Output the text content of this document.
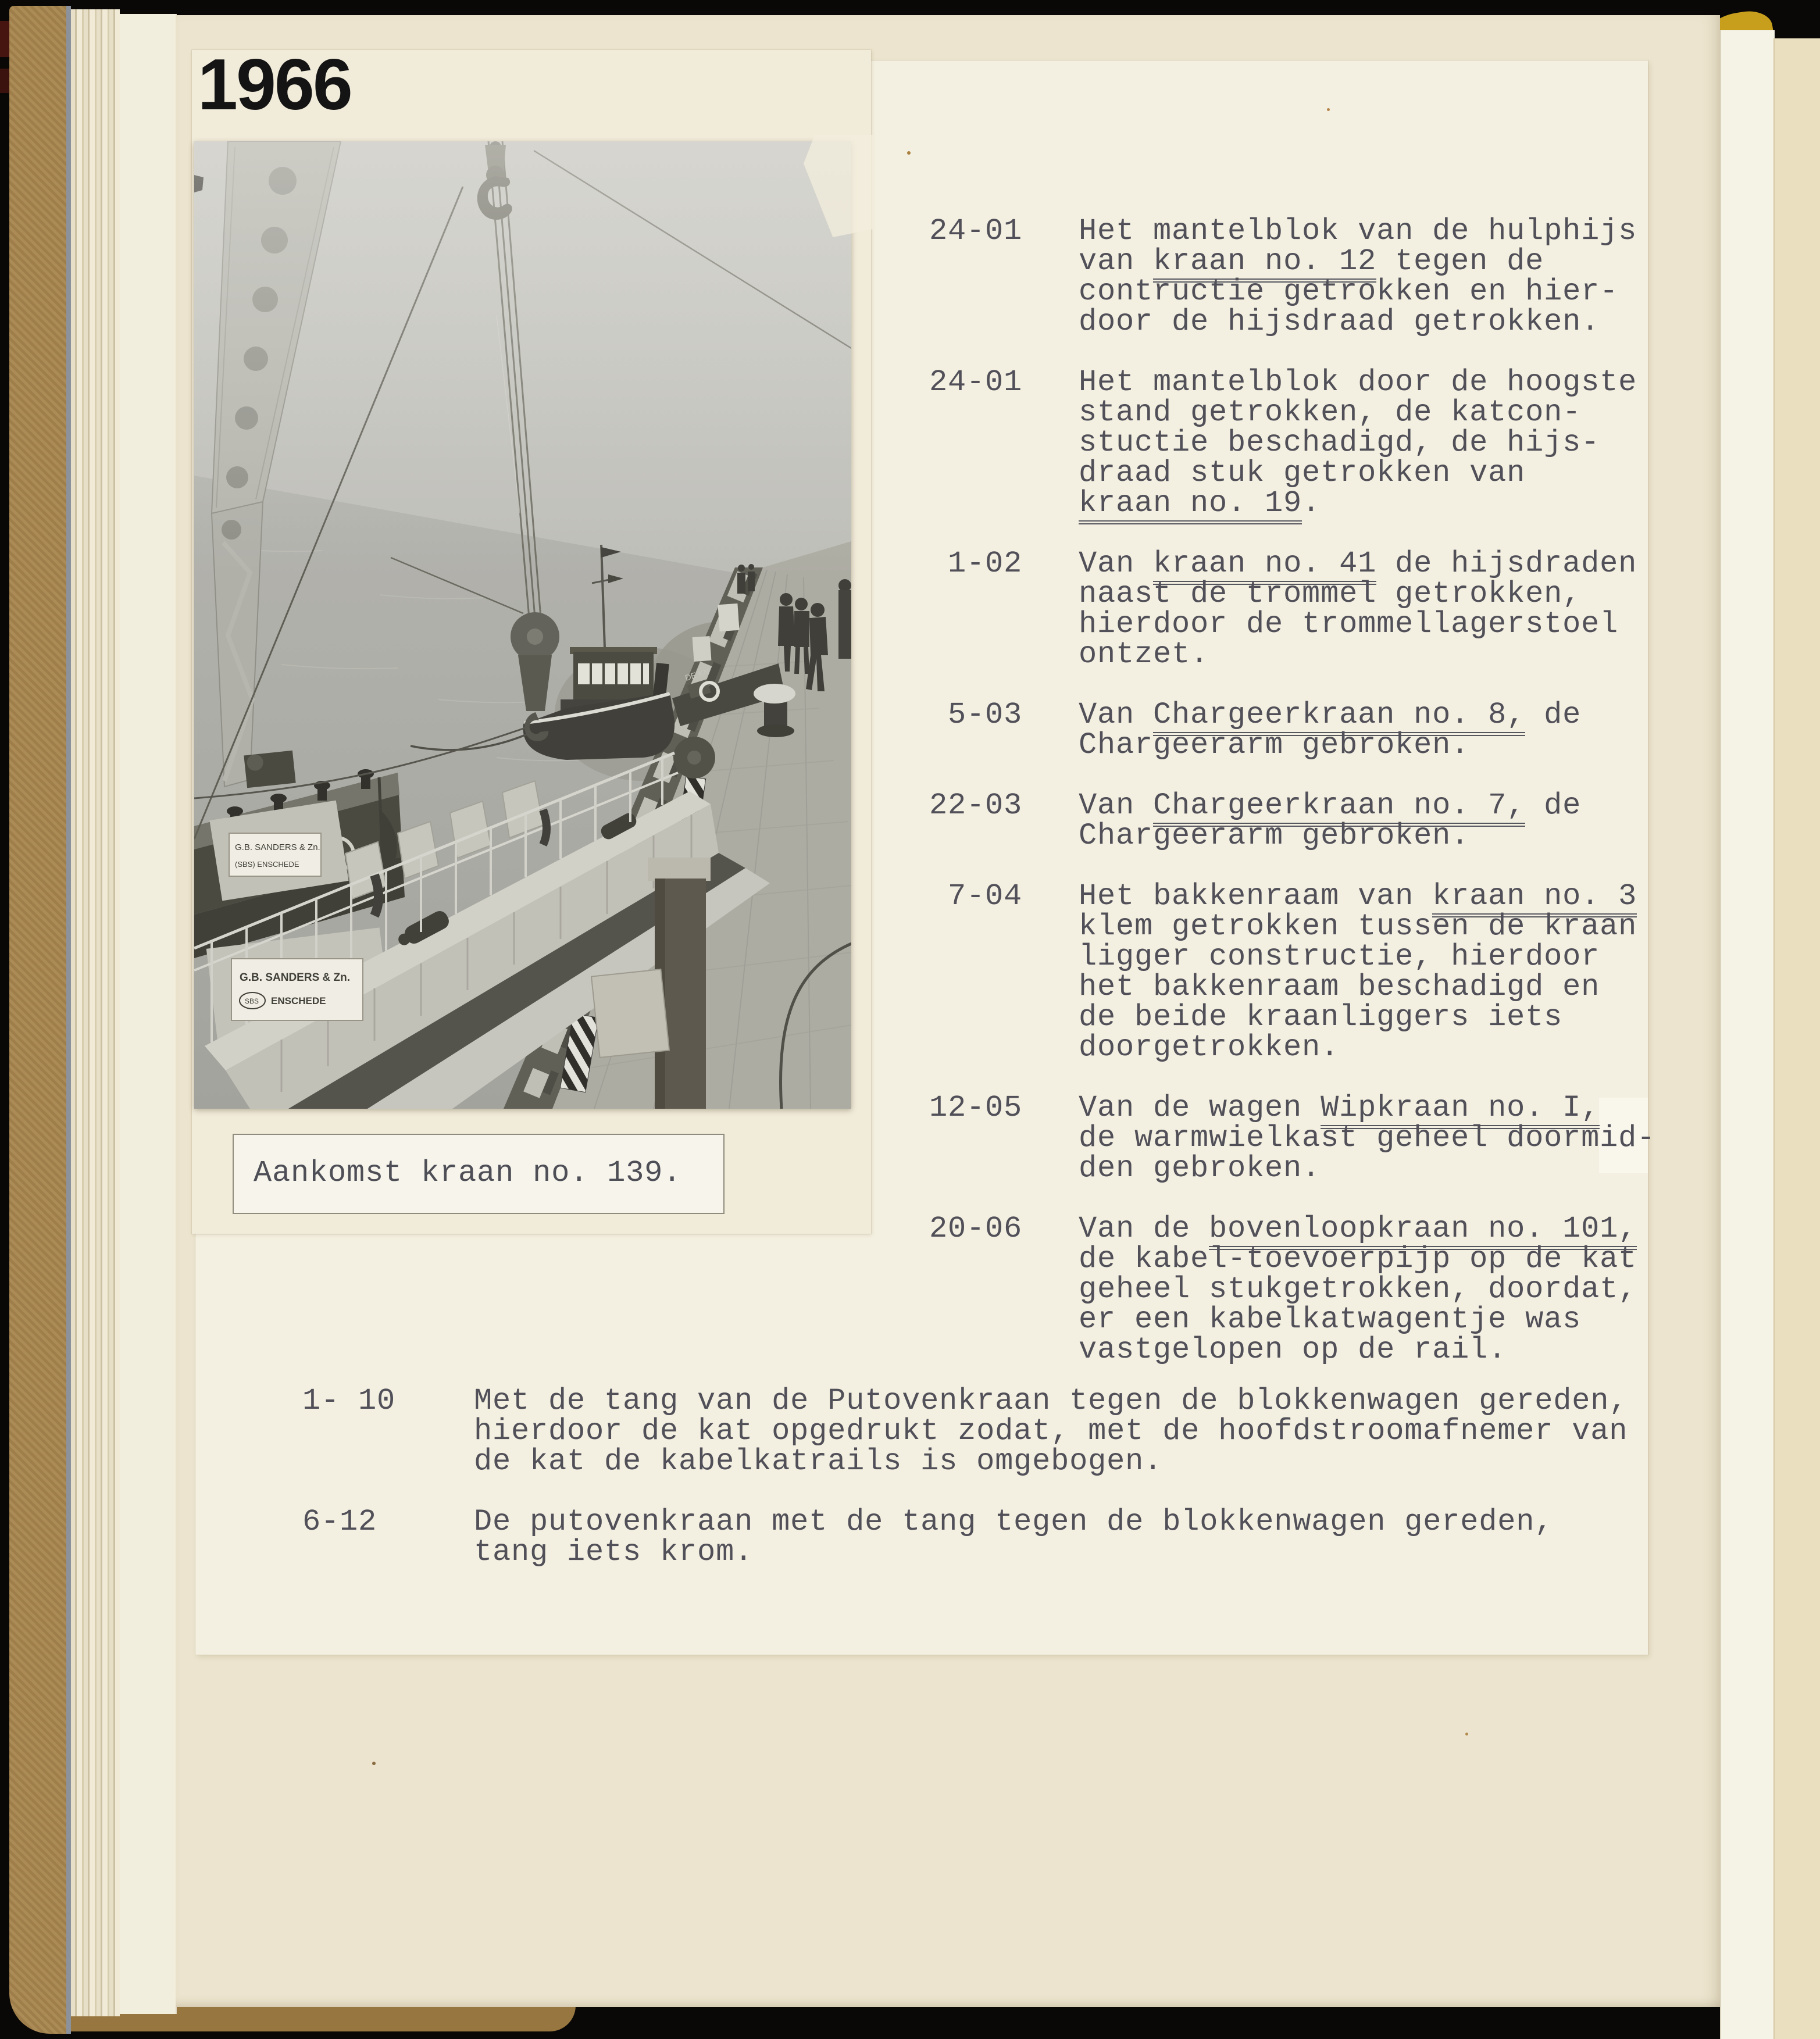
1966
Aankomst kraan no. 139.
24-01 Het mantelblok van de hulphijs
van kraan no. 12 tegen de
contructie getrokken en hier-
door de hijsdraad getrokken.
24-01 Het mantelblok door de hoogste
stand getrokken, de katcon-
stuctie beschadigd, de hijs-
draad stuk getrokken van
kraan no. 19.
1-02 Van kraan no. 41 de hijsdraden
naast de trommel getrokken,
hierdoor de trommellagerstoel
ontzet.
5-03 Van Chargeerkraan no. 8, de
Chargeerarm gebroken.
22-03 Van Chargeerkraan no. 7, de
Chargeerarm gebroken.
7-04 Het bakkenraam van kraan no. 3
klem getrokken tussen de kraan
ligger constructie, hierdoor
het bakkenraam beschadigd en
de beide kraanliggers iets
doorgetrokken.
12-05 Van de wagen Wipkraan no. I,
de warmwielkast geheel doormid-
den gebroken.
20-06 Van de bovenloopkraan no. 101,
de kabel-toevoerpijp op de kat
geheel stukgetrokken, doordat,
er een kabelkatwagentje was
vastgelopen op de rail.
1- 10	Met de tang van de Putovenkraan tegen de blokkenwagen gereden,
hierdoor de kat opgedrukt zodat, met de hoofdstroomafnemer van
de kat de kabelkatrails is omgebogen.
6-12	De putovenkraan met de tang tegen de blokkenwagen gereden,
tang iets krom.
